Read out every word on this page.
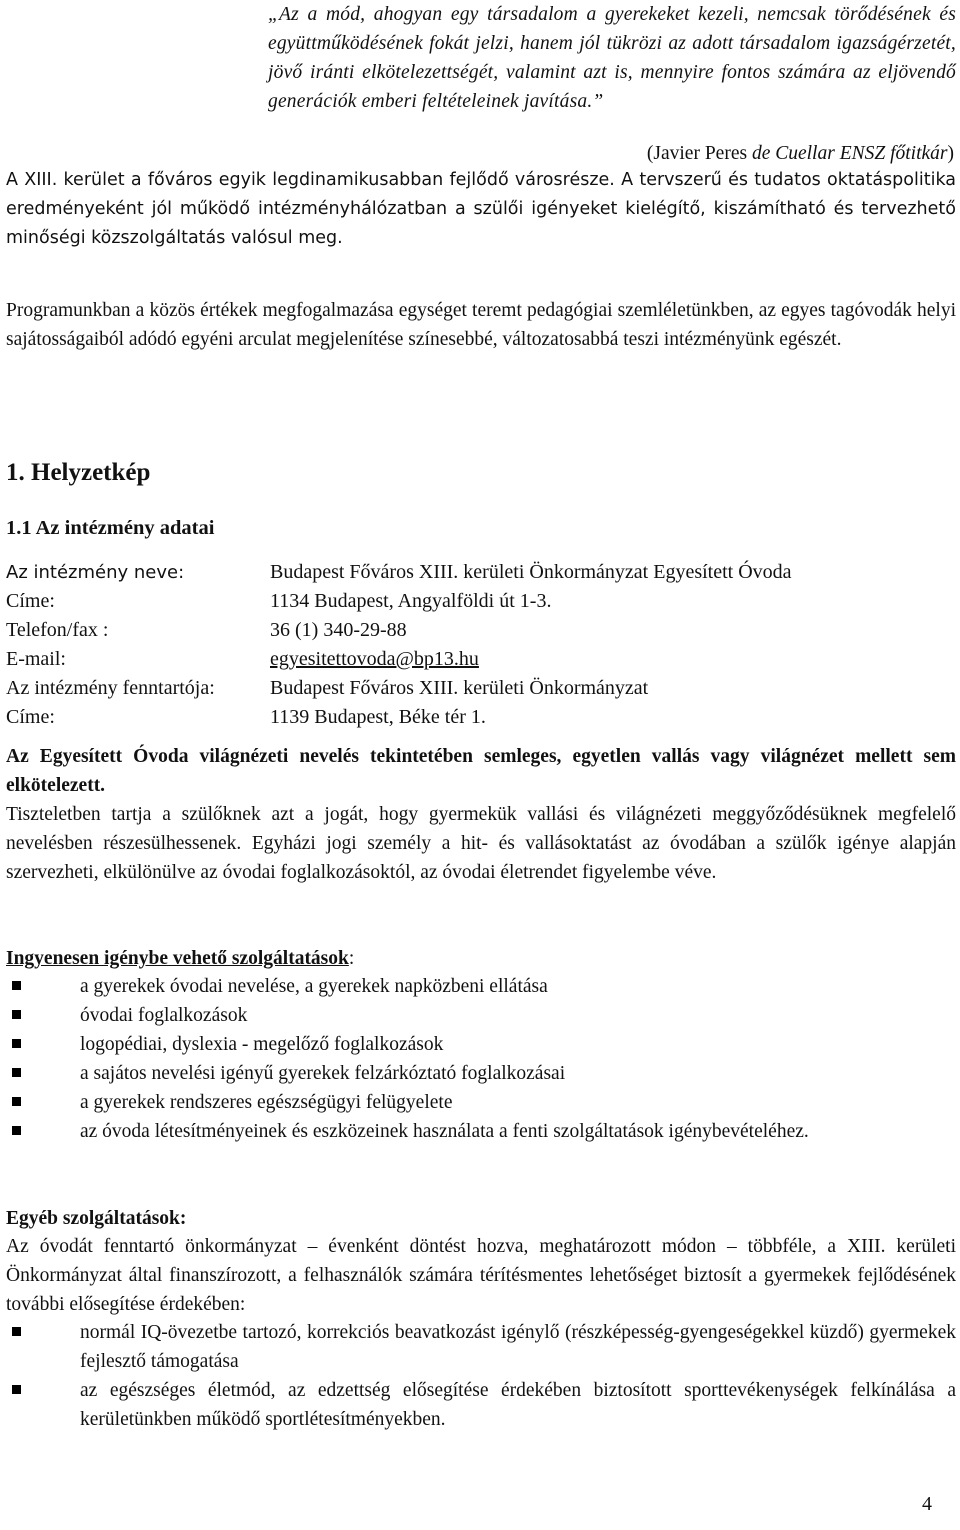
„Az a mód, ahogyan egy társadalom a gyerekeket kezeli, nemcsak törődésének és együttműködésének fokát jelzi, hanem jól tükrözi az adott társadalom igazságérzetét, jövő iránti elkötelezettségét, valamint azt is, mennyire fontos számára az eljövendő generációk emberi feltételeinek javítása.”
(Javier Peres de Cuellar ENSZ főtitkár)

A XIII. kerület a főváros egyik legdinamikusabban fejlődő városrésze. A tervszerű és tudatos oktatáspolitika eredményeként jól működő intézményhálózatban a szülői igényeket kielégítő, kiszámítható és tervezhető minőségi közszolgáltatás valósul meg.

Programunkban a közös értékek megfogalmazása egységet teremt pedagógiai szemléletünkben, az egyes tagóvodák helyi sajátosságaiból adódó egyéni arculat megjelenítése színesebbé, változatosabbá teszi intézményünk egészét.

1. Helyzetkép
1.1 Az intézmény adatai
Az intézmény neve:	Budapest Főváros XIII. kerületi Önkormányzat Egyesített Óvoda
Címe:	1134 Budapest, Angyalföldi út 1-3.
Telefon/fax :	36 (1) 340-29-88
E-mail:	egyesitettovoda@bp13.hu
Az intézmény fenntartója:	Budapest Főváros XIII. kerületi Önkormányzat
Címe:	1139 Budapest, Béke tér 1.

Az Egyesített Óvoda világnézeti nevelés tekintetében semleges, egyetlen vallás vagy világnézet mellett sem elkötelezett.

Tiszteletben tartja a szülőknek azt a jogát, hogy gyermekük vallási és világnézeti meggyőződésüknek megfelelő nevelésben részesülhessenek. Egyházi jogi személy a hit- és vallásoktatást az óvodában a szülők igénye alapján szervezheti, elkülönülve az óvodai foglalkozásoktól, az óvodai életrendet figyelembe véve.

Ingyenesen igénybe vehető szolgáltatások:

a gyerekek óvodai nevelése, a gyerekek napközbeni ellátása
óvodai foglalkozások
logopédiai, dyslexia - megelőző foglalkozások
a sajátos nevelési igényű gyerekek felzárkóztató foglalkozásai
a gyerekek rendszeres egészségügyi felügyelete
az óvoda létesítményeinek és eszközeinek használata a fenti szolgáltatások igénybevételéhez.

Egyéb szolgáltatások:

Az óvodát fenntartó önkormányzat – évenként döntést hozva, meghatározott módon – többféle, a XIII. kerületi Önkormányzat által finanszírozott, a felhasználók számára térítésmentes lehetőséget biztosít a gyermekek fejlődésének további elősegítése érdekében:

normál IQ-övezetbe tartozó, korrekciós beavatkozást igénylő (részképesség-gyengeségekkel küzdő) gyermekek fejlesztő támogatása
az egészséges életmód, az edzettség elősegítése érdekében biztosított sporttevékenységek felkínálása a kerületünkben működő sportlétesítményekben.
4
